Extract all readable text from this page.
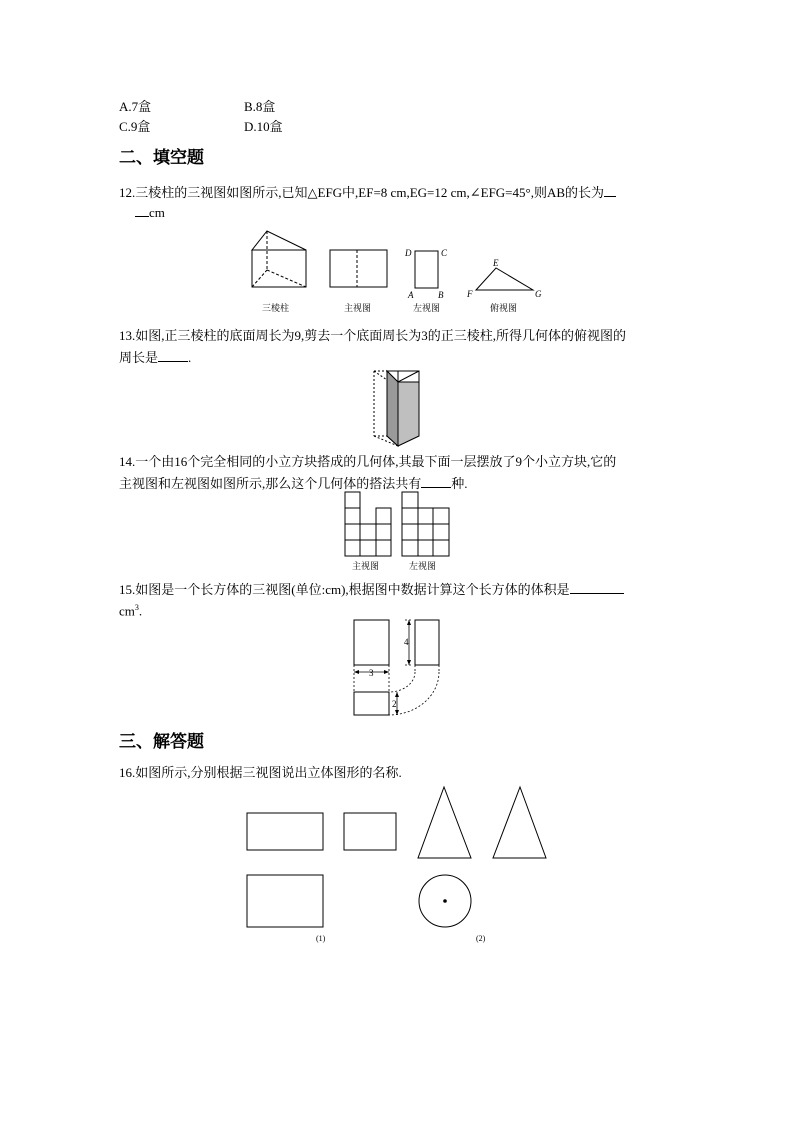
A.7盒	B.8盒
C.9盒	D.10盒
二、填空题
12.三棱柱的三视图如图所示,已知△EFG中,EF=8 cm,EG=12 cm,∠EFG=45°,则AB的长为
cm
三棱柱	主视图
D	C
A	B
左视图
E
F	G
俯视图
主视图	左视图
4
3
2
(1)	(2)
13.如图,正三棱柱的底面周长为9,剪去一个底面周长为3的正三棱柱,所得几何体的俯视图的
周长是 .
14.一个由16个完全相同的小立方块搭成的几何体,其最下面一层摆放了9个小立方块,它的
主视图和左视图如图所示,那么这个几何体的搭法共有 种.
15.如图是一个长方体的三视图(单位:cm),根据图中数据计算这个长方体的体积是
$cm^3$.
三、解答题
16.如图所示,分别根据三视图说出立体图形的名称.
